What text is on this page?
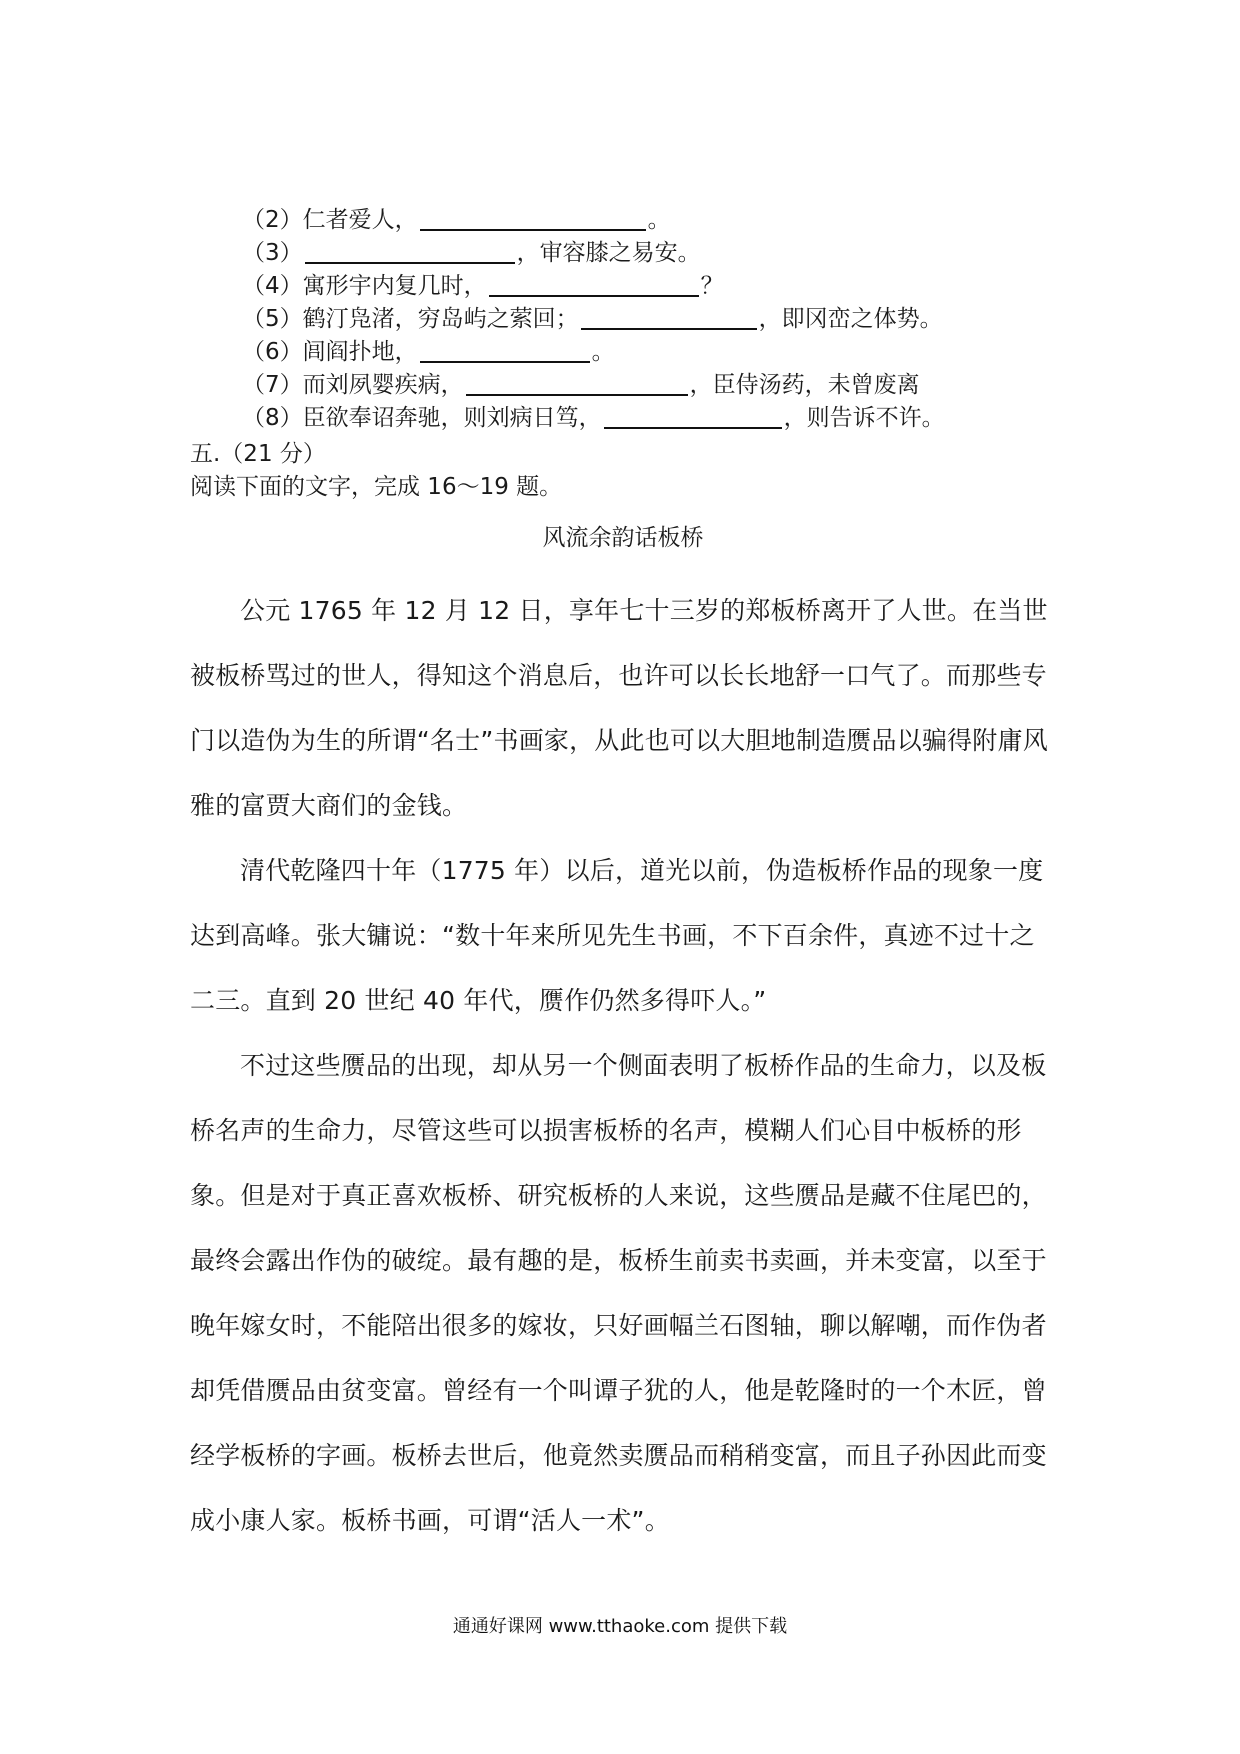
（2）仁者爱人，	。
（3）	，审容膝之易安。
（4）寓形宇内复几时，	？
（5）鹤汀凫渚，穷岛屿之萦回；	，即冈峦之体势。
（6）闾阎扑地，	。
（7）而刘夙婴疾病，	，臣侍汤药，未曾废离
（8）臣欲奉诏奔驰，则刘病日笃，	，则告诉不许。
五.（21 分）
阅读下面的文字，完成 16～19 题。
风流余韵话板桥

公元 1765 年 12 月 12 日，享年七十三岁的郑板桥离开了人世。在当世被板桥骂过的世人，得知这个消息后，也许可以长长地舒一口气了。而那些专门以造伪为生的所谓“名士”书画家，从此也可以大胆地制造赝品以骗得附庸风雅的富贾大商们的金钱。

清代乾隆四十年（1775 年）以后，道光以前，伪造板桥作品的现象一度达到高峰。张大镛说：“数十年来所见先生书画，不下百余件，真迹不过十之二三。直到 20 世纪 40 年代，赝作仍然多得吓人。”

不过这些赝品的出现，却从另一个侧面表明了板桥作品的生命力，以及板桥名声的生命力，尽管这些可以损害板桥的名声，模糊人们心目中板桥的形象。但是对于真正喜欢板桥、研究板桥的人来说，这些赝品是藏不住尾巴的，最终会露出作伪的破绽。最有趣的是，板桥生前卖书卖画，并未变富，以至于晚年嫁女时，不能陪出很多的嫁妆，只好画幅兰石图轴，聊以解嘲，而作伪者却凭借赝品由贫变富。曾经有一个叫谭子犹的人，他是乾隆时的一个木匠，曾经学板桥的字画。板桥去世后，他竟然卖赝品而稍稍变富，而且子孙因此而变成小康人家。板桥书画，可谓“活人一术”。

通通好课网 www.tthaoke.com 提供下载
